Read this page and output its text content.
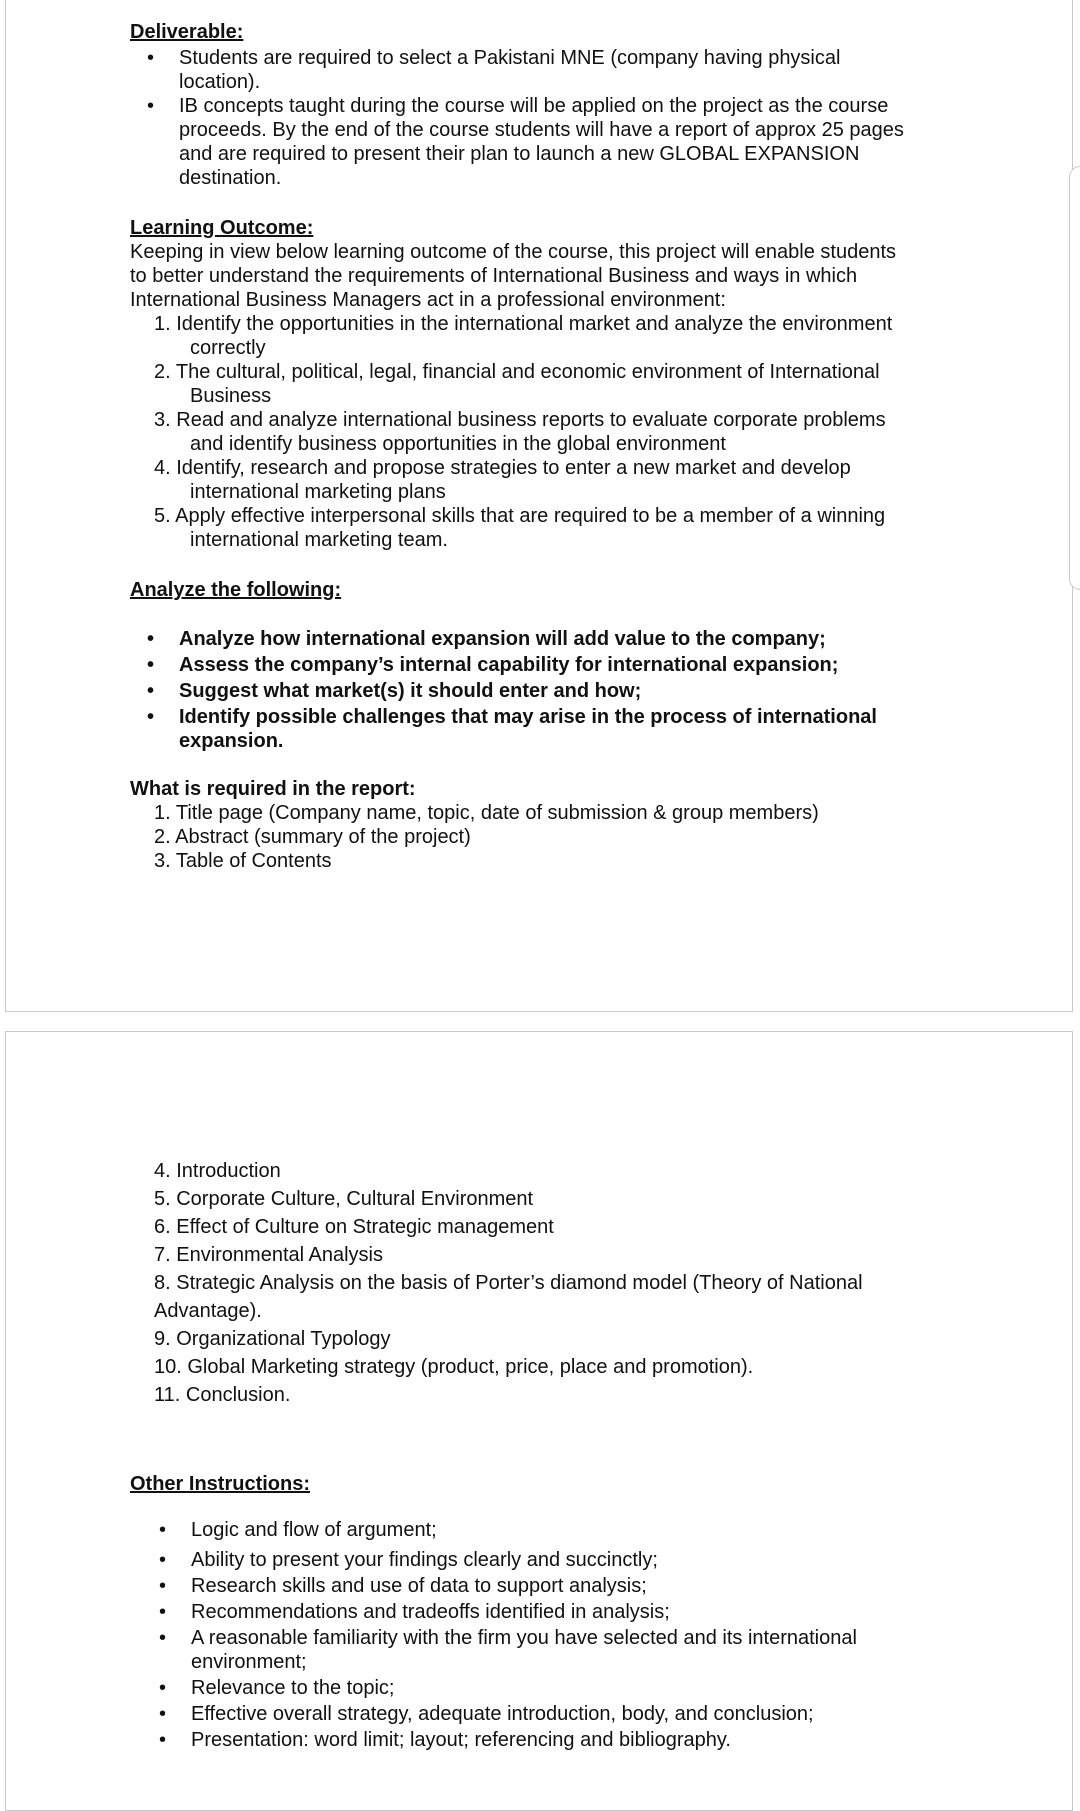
Deliverable:
• Students are required to select a Pakistani MNE (company having physical
location).
• IB concepts taught during the course will be applied on the project as the course
proceeds. By the end of the course students will have a report of approx 25 pages
and are required to present their plan to launch a new GLOBAL EXPANSION
destination.
Learning Outcome:
Keeping in view below learning outcome of the course, this project will enable students
to better understand the requirements of International Business and ways in which
International Business Managers act in a professional environment:
1. Identify the opportunities in the international market and analyze the environment
correctly
2. The cultural, political, legal, financial and economic environment of International
Business
3. Read and analyze international business reports to evaluate corporate problems
and identify business opportunities in the global environment
4. Identify, research and propose strategies to enter a new market and develop
international marketing plans
5. Apply effective interpersonal skills that are required to be a member of a winning
international marketing team.
Analyze the following:
• Analyze how international expansion will add value to the company;
• Assess the company’s internal capability for international expansion;
• Suggest what market(s) it should enter and how;
• Identify possible challenges that may arise in the process of international
expansion.
What is required in the report:
1. Title page (Company name, topic, date of submission & group members)
2. Abstract (summary of the project)
3. Table of Contents
4. Introduction
5. Corporate Culture, Cultural Environment
6. Effect of Culture on Strategic management
7. Environmental Analysis
8. Strategic Analysis on the basis of Porter’s diamond model (Theory of National
Advantage).
9. Organizational Typology
10. Global Marketing strategy (product, price, place and promotion).
11. Conclusion.
Other Instructions:
• Logic and flow of argument;
• Ability to present your findings clearly and succinctly;
• Research skills and use of data to support analysis;
• Recommendations and tradeoffs identified in analysis;
• A reasonable familiarity with the firm you have selected and its international
environment;
• Relevance to the topic;
• Effective overall strategy, adequate introduction, body, and conclusion;
• Presentation: word limit; layout; referencing and bibliography.
